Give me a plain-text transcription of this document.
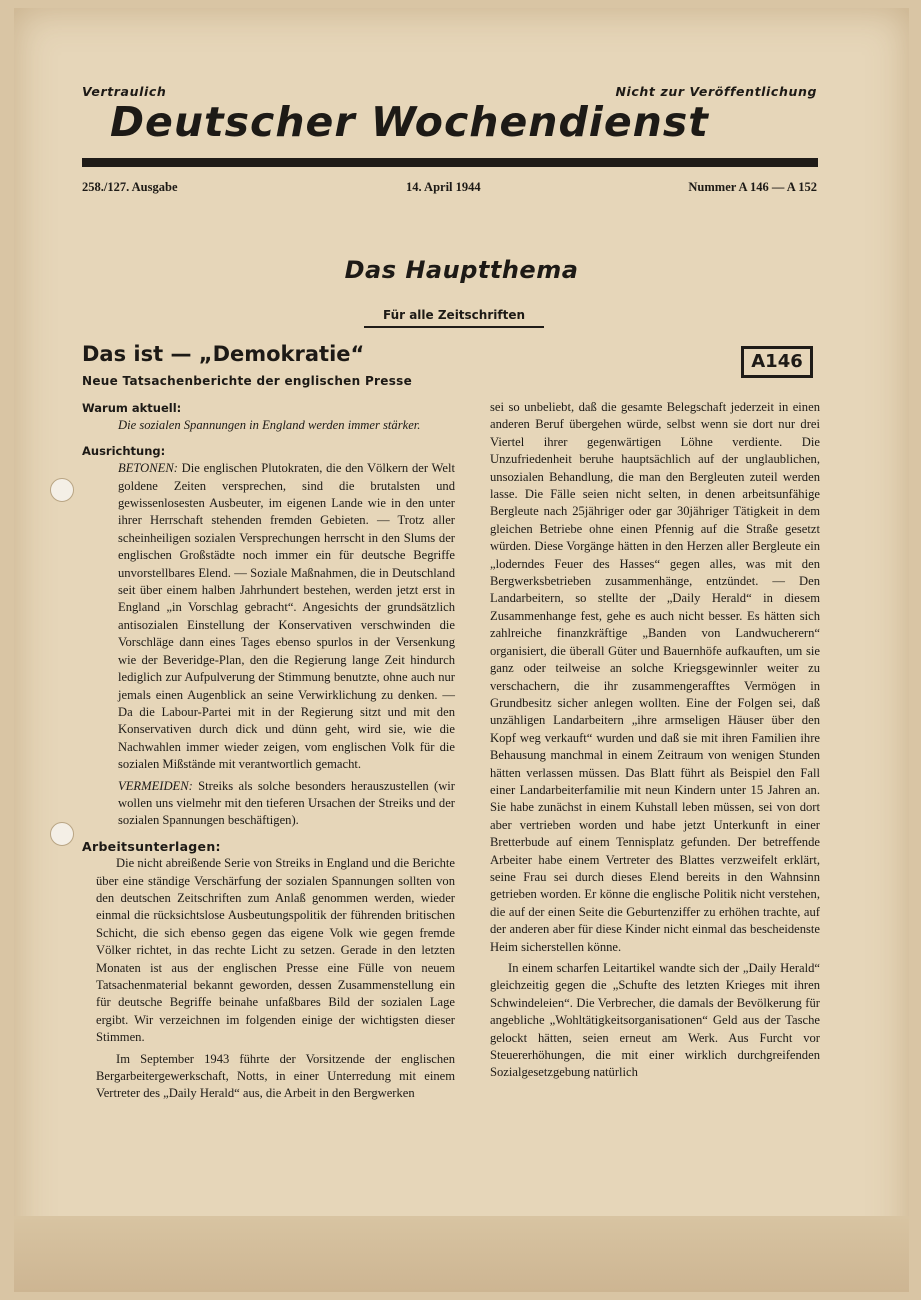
Vertraulich	Nicht zur Veröffentlichung
Deutscher Wochendienst
258./127. Ausgabe	14. April 1944	Nummer A 146 — A 152
Das Hauptthema
Für alle Zeitschriften
Das ist — „Demokratie“
Neue Tatsachenberichte der englischen Presse
A146

Warum aktuell:

Die sozialen Spannungen in England werden immer stärker.

Ausrichtung:

BETONEN: Die englischen Plutokraten, die den Völkern der Welt goldene Zeiten versprechen, sind die brutalsten und gewissenlosesten Ausbeuter, im eigenen Lande wie in den unter ihrer Herrschaft stehenden fremden Gebieten. — Trotz aller scheinheiligen sozialen Versprechungen herrscht in den Slums der englischen Großstädte noch immer ein für deutsche Begriffe unvorstellbares Elend. — Soziale Maßnahmen, die in Deutschland seit über einem halben Jahrhundert bestehen, werden jetzt erst in England „in Vorschlag gebracht“. Angesichts der grundsätzlich antisozialen Einstellung der Konservativen verschwinden die Vorschläge dann eines Tages ebenso spurlos in der Versenkung wie der Beveridge-Plan, den die Regierung lange Zeit hindurch lediglich zur Aufpulverung der Stimmung benutzte, ohne auch nur jemals einen Augenblick an seine Verwirklichung zu denken. — Da die Labour-Partei mit in der Regierung sitzt und mit den Konservativen durch dick und dünn geht, wird sie, wie die Nachwahlen immer wieder zeigen, vom englischen Volk für die sozialen Mißstände mit verantwortlich gemacht.

VERMEIDEN: Streiks als solche besonders herauszustellen (wir wollen uns vielmehr mit den tieferen Ursachen der Streiks und der sozialen Spannungen beschäftigen).

Arbeitsunterlagen:

Die nicht abreißende Serie von Streiks in England und die Berichte über eine ständige Verschärfung der sozialen Spannungen sollten von den deutschen Zeitschriften zum Anlaß genommen werden, wieder einmal die rücksichtslose Ausbeutungspolitik der führenden britischen Schicht, die sich ebenso gegen das eigene Volk wie gegen fremde Völker richtet, in das rechte Licht zu setzen. Gerade in den letzten Monaten ist aus der englischen Presse eine Fülle von neuem Tatsachenmaterial bekannt geworden, dessen Zusammenstellung ein für deutsche Begriffe beinahe unfaßbares Bild der sozialen Lage ergibt. Wir verzeichnen im folgenden einige der wichtigsten dieser Stimmen.

Im September 1943 führte der Vorsitzende der englischen Bergarbeitergewerkschaft, Notts, in einer Unterredung mit einem Vertreter des „Daily Herald“ aus, die Arbeit in den Bergwerken

sei so unbeliebt, daß die gesamte Belegschaft jederzeit in einen anderen Beruf übergehen würde, selbst wenn sie dort nur drei Viertel ihrer gegenwärtigen Löhne verdiente. Die Unzufriedenheit beruhe hauptsächlich auf der unglaublichen, unsozialen Behandlung, die man den Bergleuten zuteil werden lasse. Die Fälle seien nicht selten, in denen arbeitsunfähige Bergleute nach 25jähriger oder gar 30jähriger Tätigkeit in dem gleichen Betriebe ohne einen Pfennig auf die Straße gesetzt würden. Diese Vorgänge hätten in den Herzen aller Bergleute ein „loderndes Feuer des Hasses“ gegen alles, was mit den Bergwerksbetrieben zusammenhänge, entzündet. — Den Landarbeitern, so stellte der „Daily Herald“ in diesem Zusammenhange fest, gehe es auch nicht besser. Es hätten sich zahlreiche finanzkräftige „Banden von Landwucherern“ organisiert, die überall Güter und Bauernhöfe aufkauften, um sie ganz oder teilweise an solche Kriegsgewinnler weiter zu verschachern, die ihr zusammengerafftes Vermögen in Grundbesitz sicher anlegen wollten. Eine der Folgen sei, daß unzähligen Landarbeitern „ihre armseligen Häuser über den Kopf weg verkauft“ wurden und daß sie mit ihren Familien ihre Behausung manchmal in einem Zeitraum von wenigen Stunden hätten verlassen müssen. Das Blatt führt als Beispiel den Fall einer Landarbeiterfamilie mit neun Kindern unter 15 Jahren an. Sie habe zunächst in einem Kuhstall leben müssen, sei von dort aber vertrieben worden und habe jetzt Unterkunft in einer Bretterbude auf einem Tennisplatz gefunden. Der betreffende Arbeiter habe einem Vertreter des Blattes verzweifelt erklärt, seine Frau sei durch dieses Elend bereits in den Wahnsinn getrieben worden. Er könne die englische Politik nicht verstehen, die auf der einen Seite die Geburtenziffer zu erhöhen trachte, auf der anderen aber für diese Kinder nicht einmal das bescheidenste Heim sicherstellen könne.

In einem scharfen Leitartikel wandte sich der „Daily Herald“ gleichzeitig gegen die „Schufte des letzten Krieges mit ihren Schwindeleien“. Die Verbrecher, die damals der Bevölkerung für angebliche „Wohltätigkeitsorganisationen“ Geld aus der Tasche gelockt hätten, seien erneut am Werk. Aus Furcht vor Steuererhöhungen, die mit einer wirklich durchgreifenden Sozialgesetzgebung natürlich
